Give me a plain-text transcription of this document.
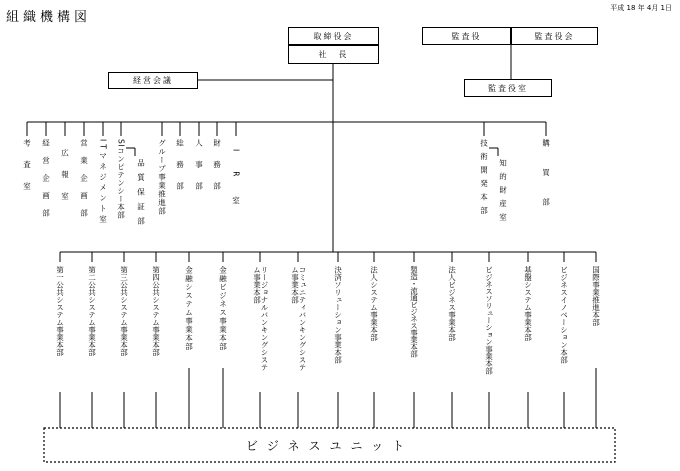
組織機構図
平成 18 年 4月 1日
取締役会
社　長
監査役	監査役会
監査役室
経営会議
考査室 経営企画部 広報室 営業企画部 ITマネジメント室 SIコンピテンシー本部 品質保証部 グループ事業推進部 総務部 人事部 財務部 IR室	技術開発本部 知的財産室	購買部
第一公共システム事業本部	第二公共システム事業本部	第三公共システム事業本部	第四公共システム事業本部	金融システム事業本部	金融ビジネス事業本部	リージョナルバンキングシステム事業本部	コミュニティバンキングシステム事業本部	決済ソリューション事業本部	法人システム事業本部	製造・流通ビジネス事業本部	法人ビジネス事業本部	ビジネスソリューション事業本部	基盤システム事業本部	ビジネスイノベーション本部	国際事業推進本部
ビジネスユニット
